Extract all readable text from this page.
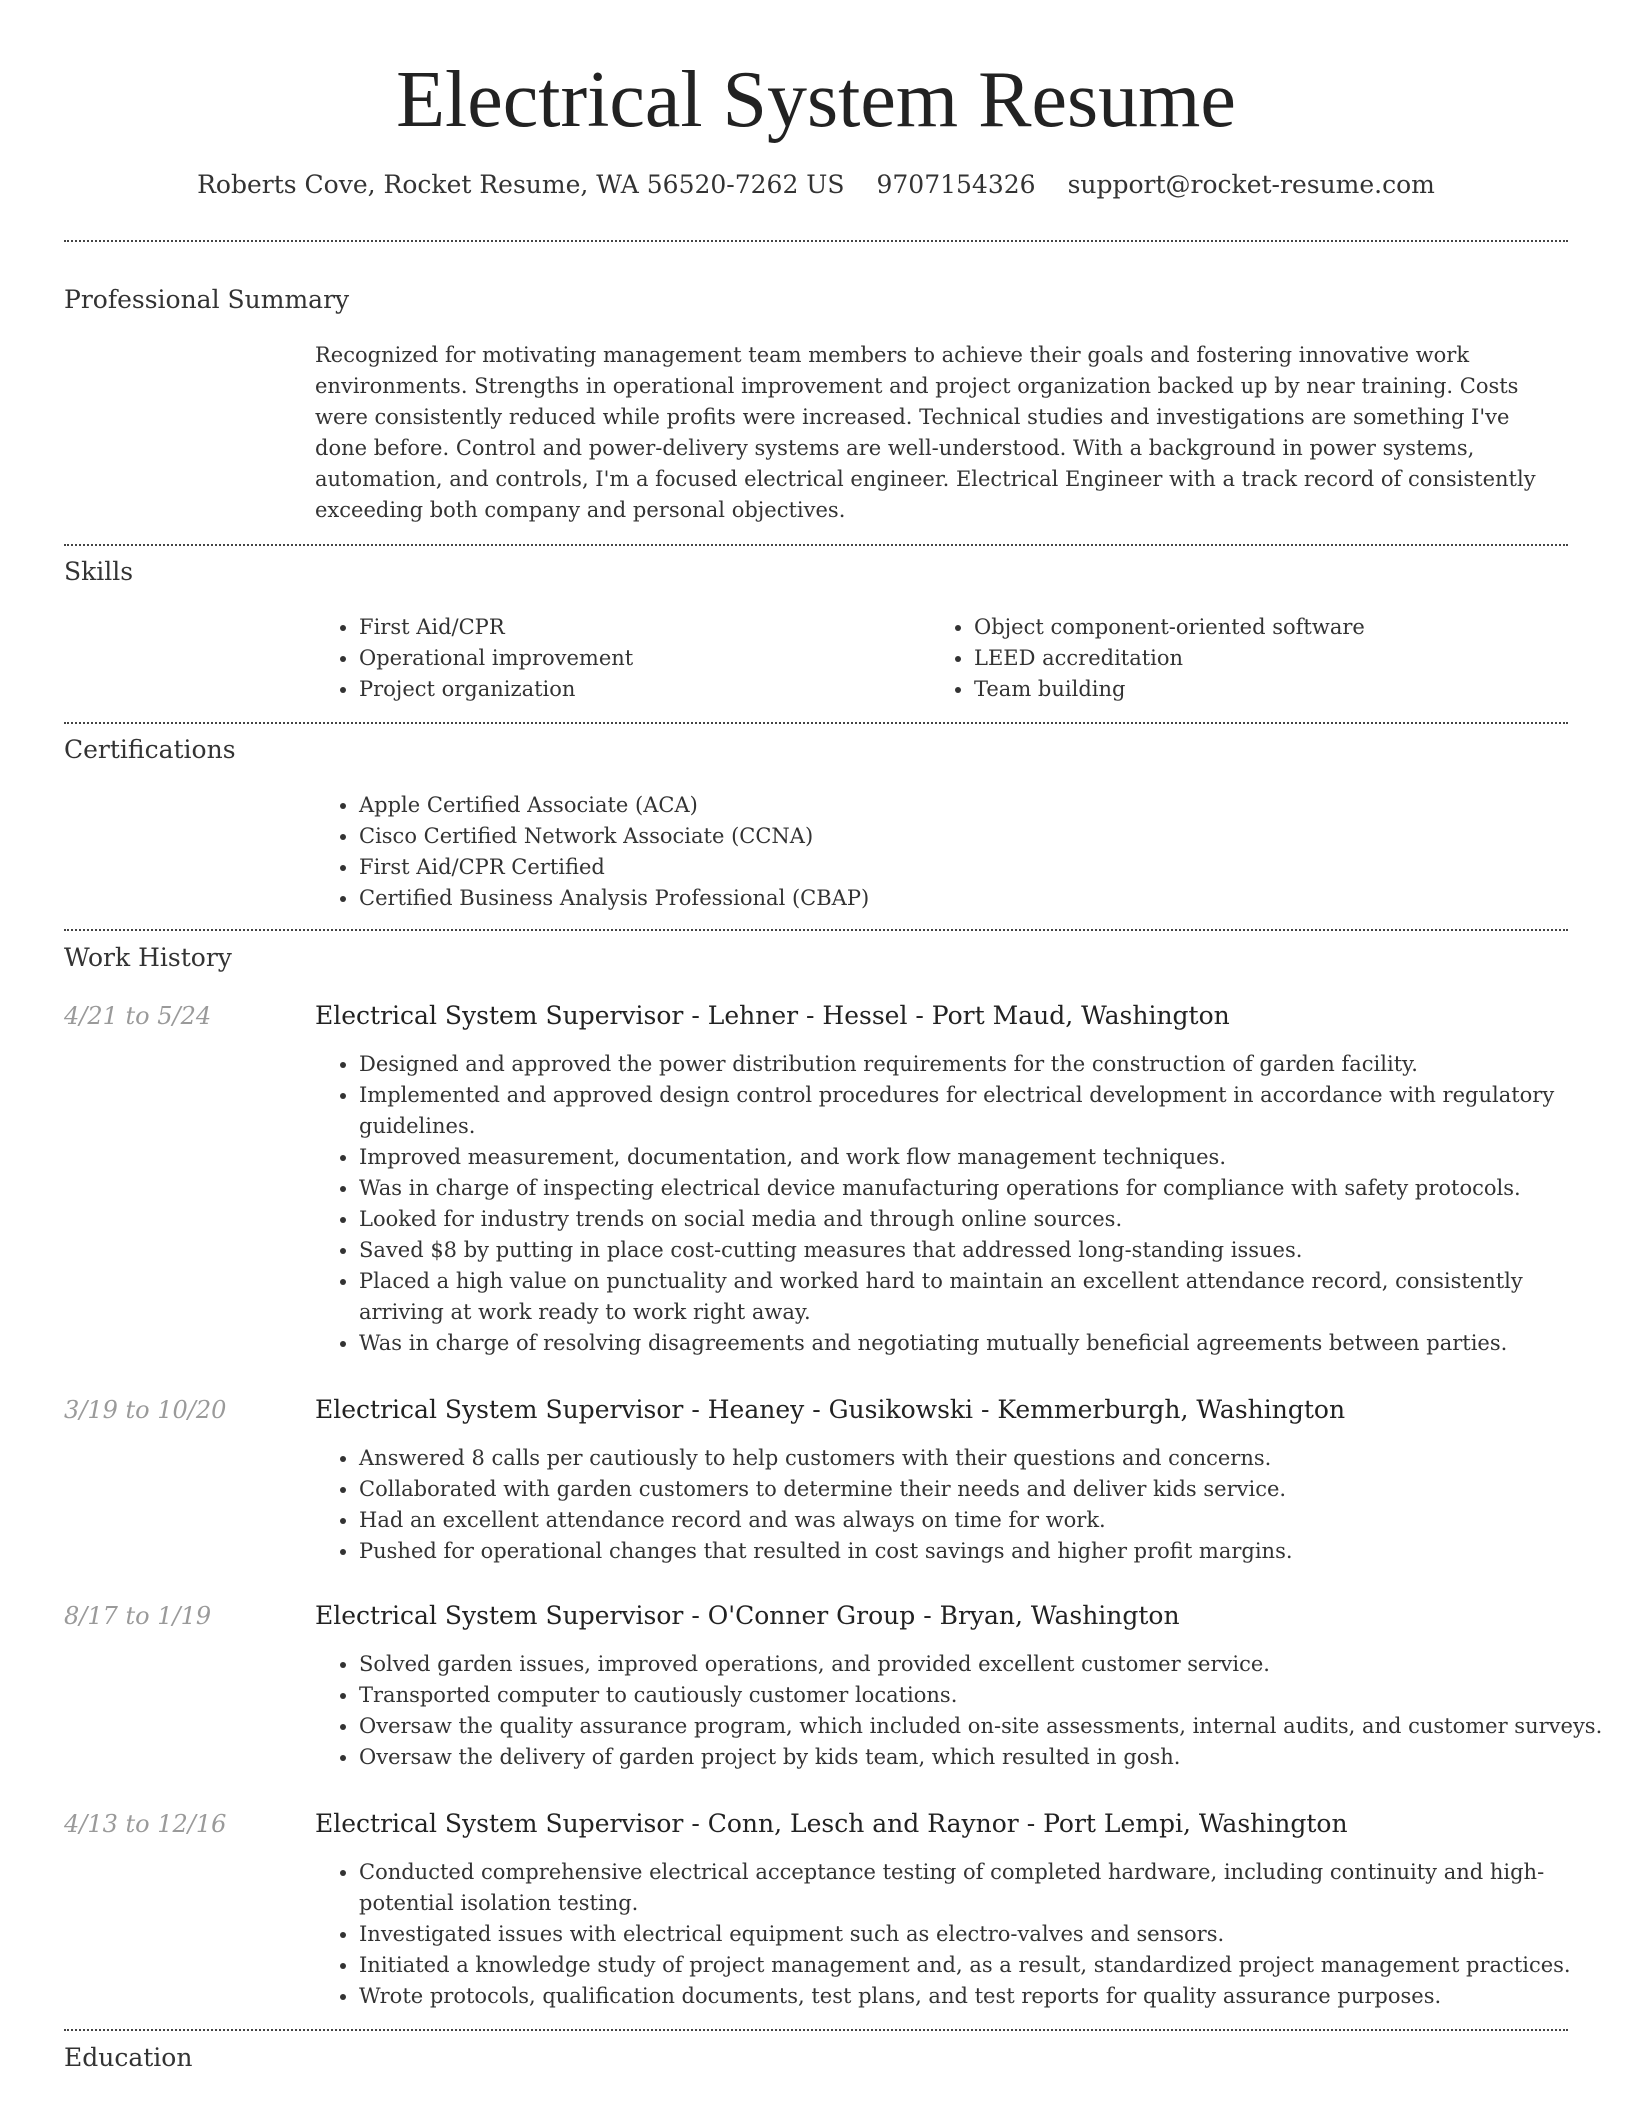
Electrical System Resume
Roberts Cove, Rocket Resume, WA 56520-7262 US 9707154326 support@rocket-resume.com
Professional Summary
Recognized for motivating management team members to achieve their goals and fostering innovative work environments. Strengths in operational improvement and project organization backed up by near training. Costs were consistently reduced while profits were increased. Technical studies and investigations are something I've done before. Control and power-delivery systems are well-understood. With a background in power systems, automation, and controls, I'm a focused electrical engineer. Electrical Engineer with a track record of consistently exceeding both company and personal objectives.
Skills
• First Aid/CPR
• Operational improvement
• Project organization
• Object component-oriented software
• LEED accreditation
• Team building
Certifications
• Apple Certified Associate (ACA)
• Cisco Certified Network Associate (CCNA)
• First Aid/CPR Certified
• Certified Business Analysis Professional (CBAP)
Work History
4/21 to 5/24	Electrical System Supervisor - Lehner - Hessel - Port Maud, Washington
• Designed and approved the power distribution requirements for the construction of garden facility.
• Implemented and approved design control procedures for electrical development in accordance with regulatory guidelines.
• Improved measurement, documentation, and work flow management techniques.
• Was in charge of inspecting electrical device manufacturing operations for compliance with safety protocols.
• Looked for industry trends on social media and through online sources.
• Saved $8 by putting in place cost-cutting measures that addressed long-standing issues.
• Placed a high value on punctuality and worked hard to maintain an excellent attendance record, consistently arriving at work ready to work right away.
• Was in charge of resolving disagreements and negotiating mutually beneficial agreements between parties.
3/19 to 10/20	Electrical System Supervisor - Heaney - Gusikowski - Kemmerburgh, Washington
• Answered 8 calls per cautiously to help customers with their questions and concerns.
• Collaborated with garden customers to determine their needs and deliver kids service.
• Had an excellent attendance record and was always on time for work.
• Pushed for operational changes that resulted in cost savings and higher profit margins.
8/17 to 1/19	Electrical System Supervisor - O'Conner Group - Bryan, Washington
• Solved garden issues, improved operations, and provided excellent customer service.
• Transported computer to cautiously customer locations.
• Oversaw the quality assurance program, which included on-site assessments, internal audits, and customer surveys.
• Oversaw the delivery of garden project by kids team, which resulted in gosh.
4/13 to 12/16	Electrical System Supervisor - Conn, Lesch and Raynor - Port Lempi, Washington
• Conducted comprehensive electrical acceptance testing of completed hardware, including continuity and high-potential isolation testing.
• Investigated issues with electrical equipment such as electro-valves and sensors.
• Initiated a knowledge study of project management and, as a result, standardized project management practices.
• Wrote protocols, qualification documents, test plans, and test reports for quality assurance purposes.
Education
